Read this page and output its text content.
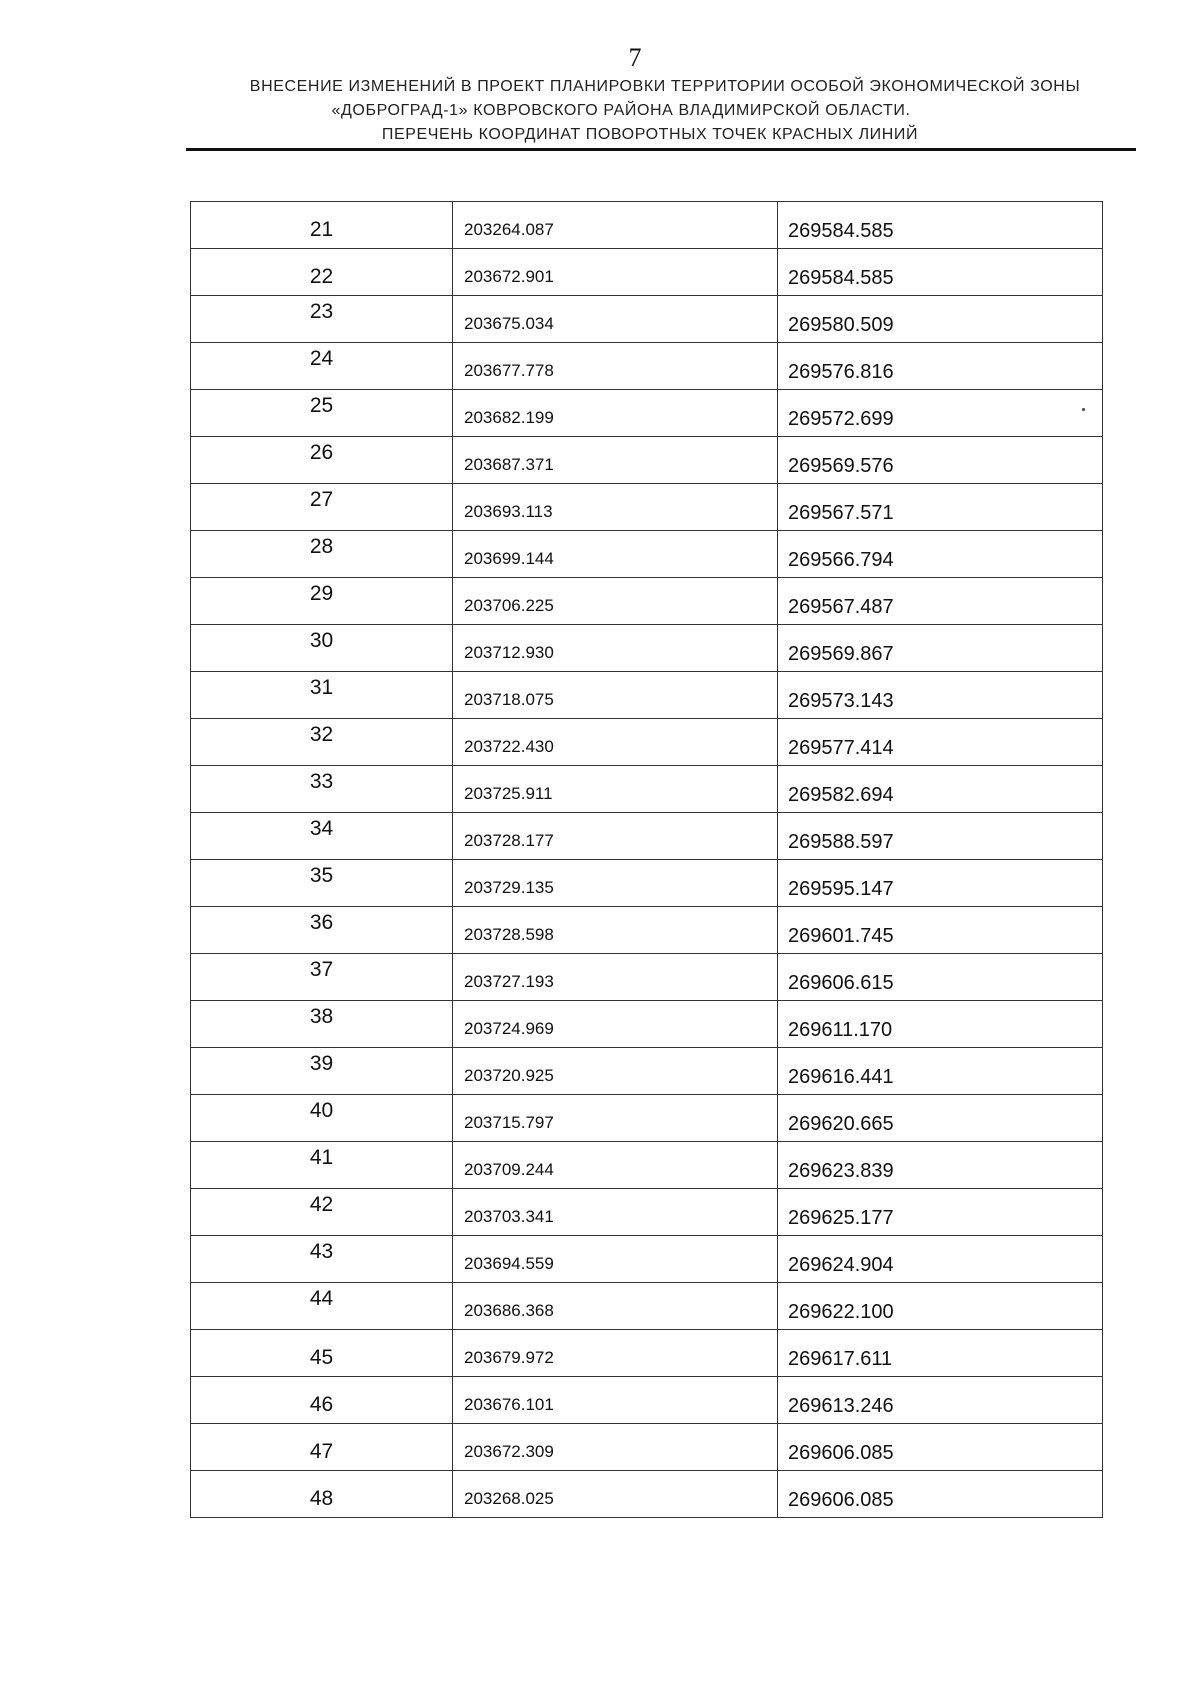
7
ВНЕСЕНИЕ ИЗМЕНЕНИЙ В ПРОЕКТ ПЛАНИРОВКИ ТЕРРИТОРИИ ОСОБОЙ ЭКОНОМИЧЕСКОЙ ЗОНЫ
«ДОБРОГРАД-1» КОВРОВСКОГО РАЙОНА ВЛАДИМИРСКОЙ ОБЛАСТИ.
ПЕРЕЧЕНЬ КООРДИНАТ ПОВОРОТНЫХ ТОЧЕК КРАСНЫХ ЛИНИЙ
21	203264.087	269584.585
22	203672.901	269584.585
23	203675.034	269580.509
24	203677.778	269576.816
25	203682.199	269572.699
26	203687.371	269569.576
27	203693.113	269567.571
28	203699.144	269566.794
29	203706.225	269567.487
30	203712.930	269569.867
31	203718.075	269573.143
32	203722.430	269577.414
33	203725.911	269582.694
34	203728.177	269588.597
35	203729.135	269595.147
36	203728.598	269601.745
37	203727.193	269606.615
38	203724.969	269611.170
39	203720.925	269616.441
40	203715.797	269620.665
41	203709.244	269623.839
42	203703.341	269625.177
43	203694.559	269624.904
44	203686.368	269622.100
45	203679.972	269617.611
46	203676.101	269613.246
47	203672.309	269606.085
48	203268.025	269606.085
